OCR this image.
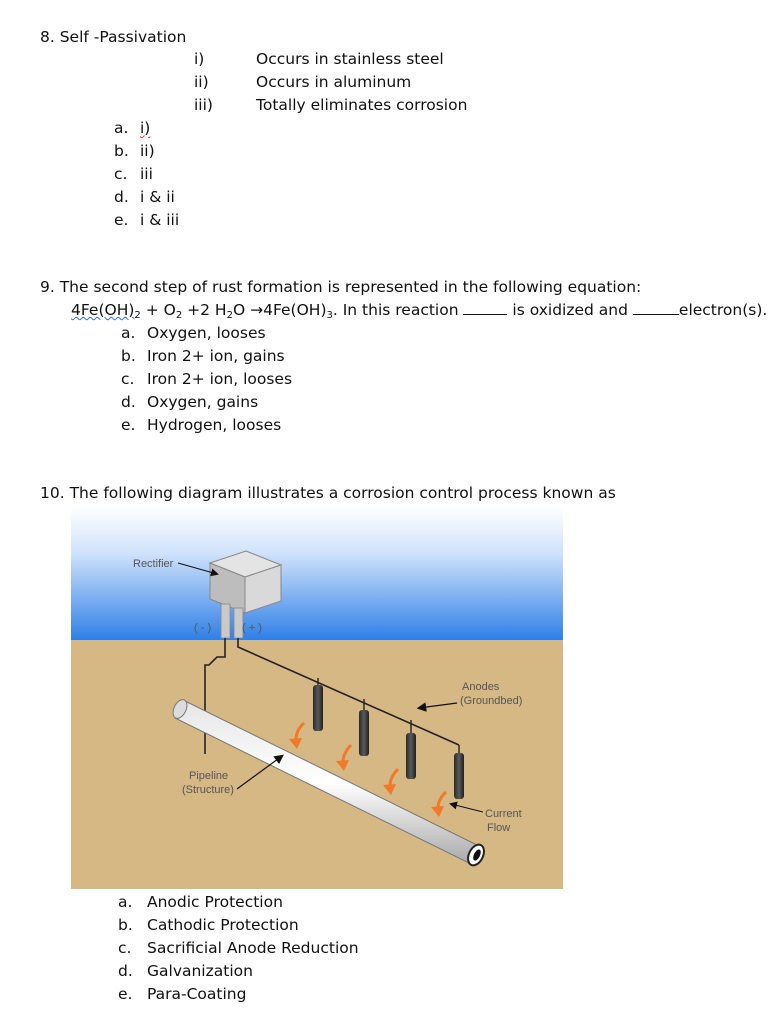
8. Self -Passivation
i)	Occurs in stainless steel
ii)	Occurs in aluminum
iii)	Totally eliminates corrosion
a. i)
b. ii)
c. iii
d. i & ii
e. i & iii
9. The second step of rust formation is represented in the following equation:
$4Fe(OH)_2 + O_2 +2$ $H_2O \to 4Fe(OH)_3$. In this reaction	is oxidized and	electron(s).
a. Oxygen, looses
b. Iron 2+ ion, gains
c. Iron 2+ ion, looses
d. Oxygen, gains
e. Hydrogen, looses
10. The following diagram illustrates a corrosion control process known as
Rectifier
( - )	( + )
Anodes
(Groundbed)
Pipeline
(Structure)
Current
Flow
a. Anodic Protection
b. Cathodic Protection
c. Sacrificial Anode Reduction
d. Galvanization
e. Para-Coating
